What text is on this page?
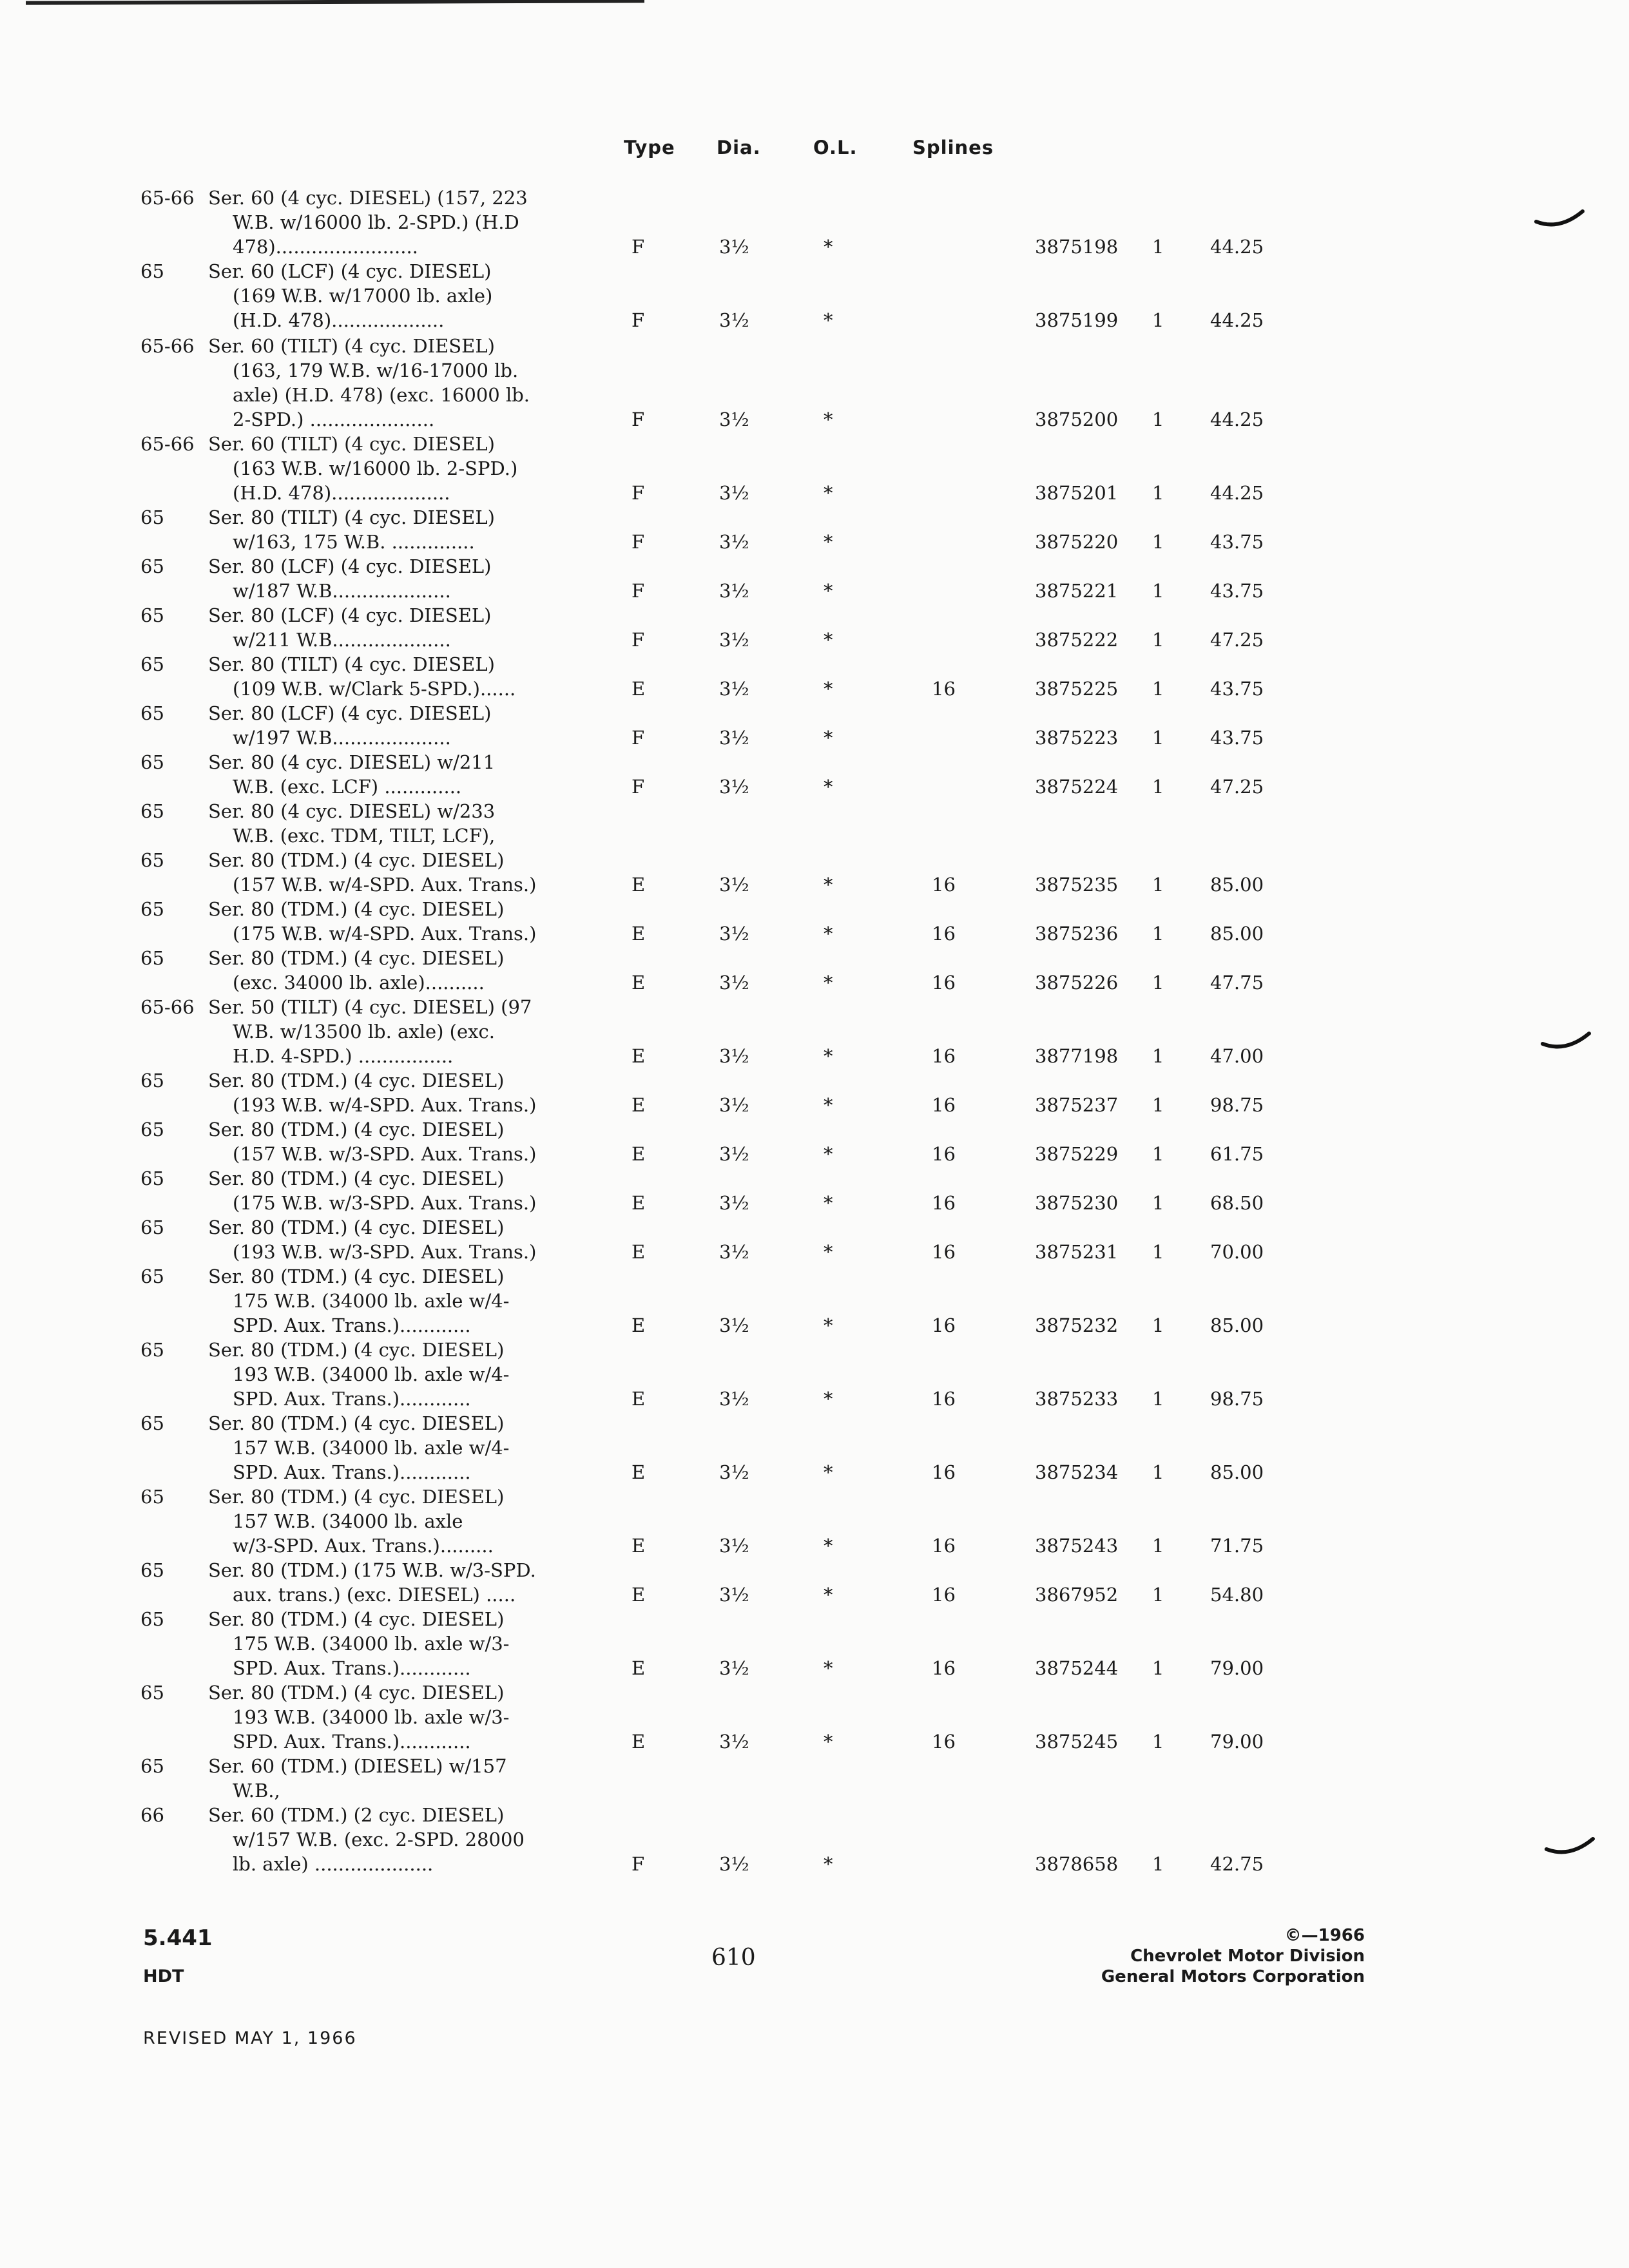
Type Dia.	O.L.	Splines
65-66 Ser. 60 (4 cyc. DIESEL) (157, 223
W.B. w/16000 lb. 2-SPD.) (H.D
478)........................	F	3½	*	3875198 1 44.25
65 Ser. 60 (LCF) (4 cyc. DIESEL)
(169 W.B. w/17000 lb. axle)
(H.D. 478)...................	F	3½	*	3875199 1 44.25
65-66 Ser. 60 (TILT) (4 cyc. DIESEL)
(163, 179 W.B. w/16-17000 lb.
axle) (H.D. 478) (exc. 16000 lb.
2-SPD.) .....................	F	3½	*	3875200 1 44.25
65-66 Ser. 60 (TILT) (4 cyc. DIESEL)
(163 W.B. w/16000 lb. 2-SPD.)
(H.D. 478)....................	F	3½	*	3875201 1 44.25
65 Ser. 80 (TILT) (4 cyc. DIESEL)
w/163, 175 W.B. ..............	F	3½	*	3875220 1 43.75
65 Ser. 80 (LCF) (4 cyc. DIESEL)
w/187 W.B....................	F	3½	*	3875221 1 43.75
65 Ser. 80 (LCF) (4 cyc. DIESEL)
w/211 W.B....................	F	3½	*	3875222 1 47.25
65 Ser. 80 (TILT) (4 cyc. DIESEL)
(109 W.B. w/Clark 5-SPD.)......	E	3½	*	16	3875225 1 43.75
65 Ser. 80 (LCF) (4 cyc. DIESEL)
w/197 W.B....................	F	3½	*	3875223 1 43.75
65 Ser. 80 (4 cyc. DIESEL) w/211
W.B. (exc. LCF) .............	F	3½	*	3875224 1 47.25
65 Ser. 80 (4 cyc. DIESEL) w/233
W.B. (exc. TDM, TILT, LCF),
65 Ser. 80 (TDM.) (4 cyc. DIESEL)
(157 W.B. w/4-SPD. Aux. Trans.)	E	3½	*	16	3875235 1 85.00
65 Ser. 80 (TDM.) (4 cyc. DIESEL)
(175 W.B. w/4-SPD. Aux. Trans.)	E	3½	*	16	3875236 1 85.00
65 Ser. 80 (TDM.) (4 cyc. DIESEL)
(exc. 34000 lb. axle)..........	E	3½	*	16	3875226 1 47.75
65-66 Ser. 50 (TILT) (4 cyc. DIESEL) (97
W.B. w/13500 lb. axle) (exc.
H.D. 4-SPD.) ................	E	3½	*	16	3877198 1 47.00
65 Ser. 80 (TDM.) (4 cyc. DIESEL)
(193 W.B. w/4-SPD. Aux. Trans.)	E	3½	*	16	3875237 1 98.75
65 Ser. 80 (TDM.) (4 cyc. DIESEL)
(157 W.B. w/3-SPD. Aux. Trans.)	E	3½	*	16	3875229 1 61.75
65 Ser. 80 (TDM.) (4 cyc. DIESEL)
(175 W.B. w/3-SPD. Aux. Trans.)	E	3½	*	16	3875230 1 68.50
65 Ser. 80 (TDM.) (4 cyc. DIESEL)
(193 W.B. w/3-SPD. Aux. Trans.)	E	3½	*	16	3875231 1 70.00
65 Ser. 80 (TDM.) (4 cyc. DIESEL)
175 W.B. (34000 lb. axle w/4-
SPD. Aux. Trans.)............	E	3½	*	16	3875232 1 85.00
65 Ser. 80 (TDM.) (4 cyc. DIESEL)
193 W.B. (34000 lb. axle w/4-
SPD. Aux. Trans.)............	E	3½	*	16	3875233 1 98.75
65 Ser. 80 (TDM.) (4 cyc. DIESEL)
157 W.B. (34000 lb. axle w/4-
SPD. Aux. Trans.)............	E	3½	*	16	3875234 1 85.00
65 Ser. 80 (TDM.) (4 cyc. DIESEL)
157 W.B. (34000 lb. axle
w/3-SPD. Aux. Trans.).........	E	3½	*	16	3875243 1 71.75
65 Ser. 80 (TDM.) (175 W.B. w/3-SPD.
aux. trans.) (exc. DIESEL) .....	E	3½	*	16	3867952 1 54.80
65 Ser. 80 (TDM.) (4 cyc. DIESEL)
175 W.B. (34000 lb. axle w/3-
SPD. Aux. Trans.)............	E	3½	*	16	3875244 1 79.00
65 Ser. 80 (TDM.) (4 cyc. DIESEL)
193 W.B. (34000 lb. axle w/3-
SPD. Aux. Trans.)............	E	3½	*	16	3875245 1 79.00
65 Ser. 60 (TDM.) (DIESEL) w/157
W.B.,
66 Ser. 60 (TDM.) (2 cyc. DIESEL)
w/157 W.B. (exc. 2-SPD. 28000
lb. axle) ....................	F	3½	*	3878658 1 42.75
5.441
HDT
REVISED MAY 1, 1966
610
©—1966
Chevrolet Motor Division
General Motors Corporation
